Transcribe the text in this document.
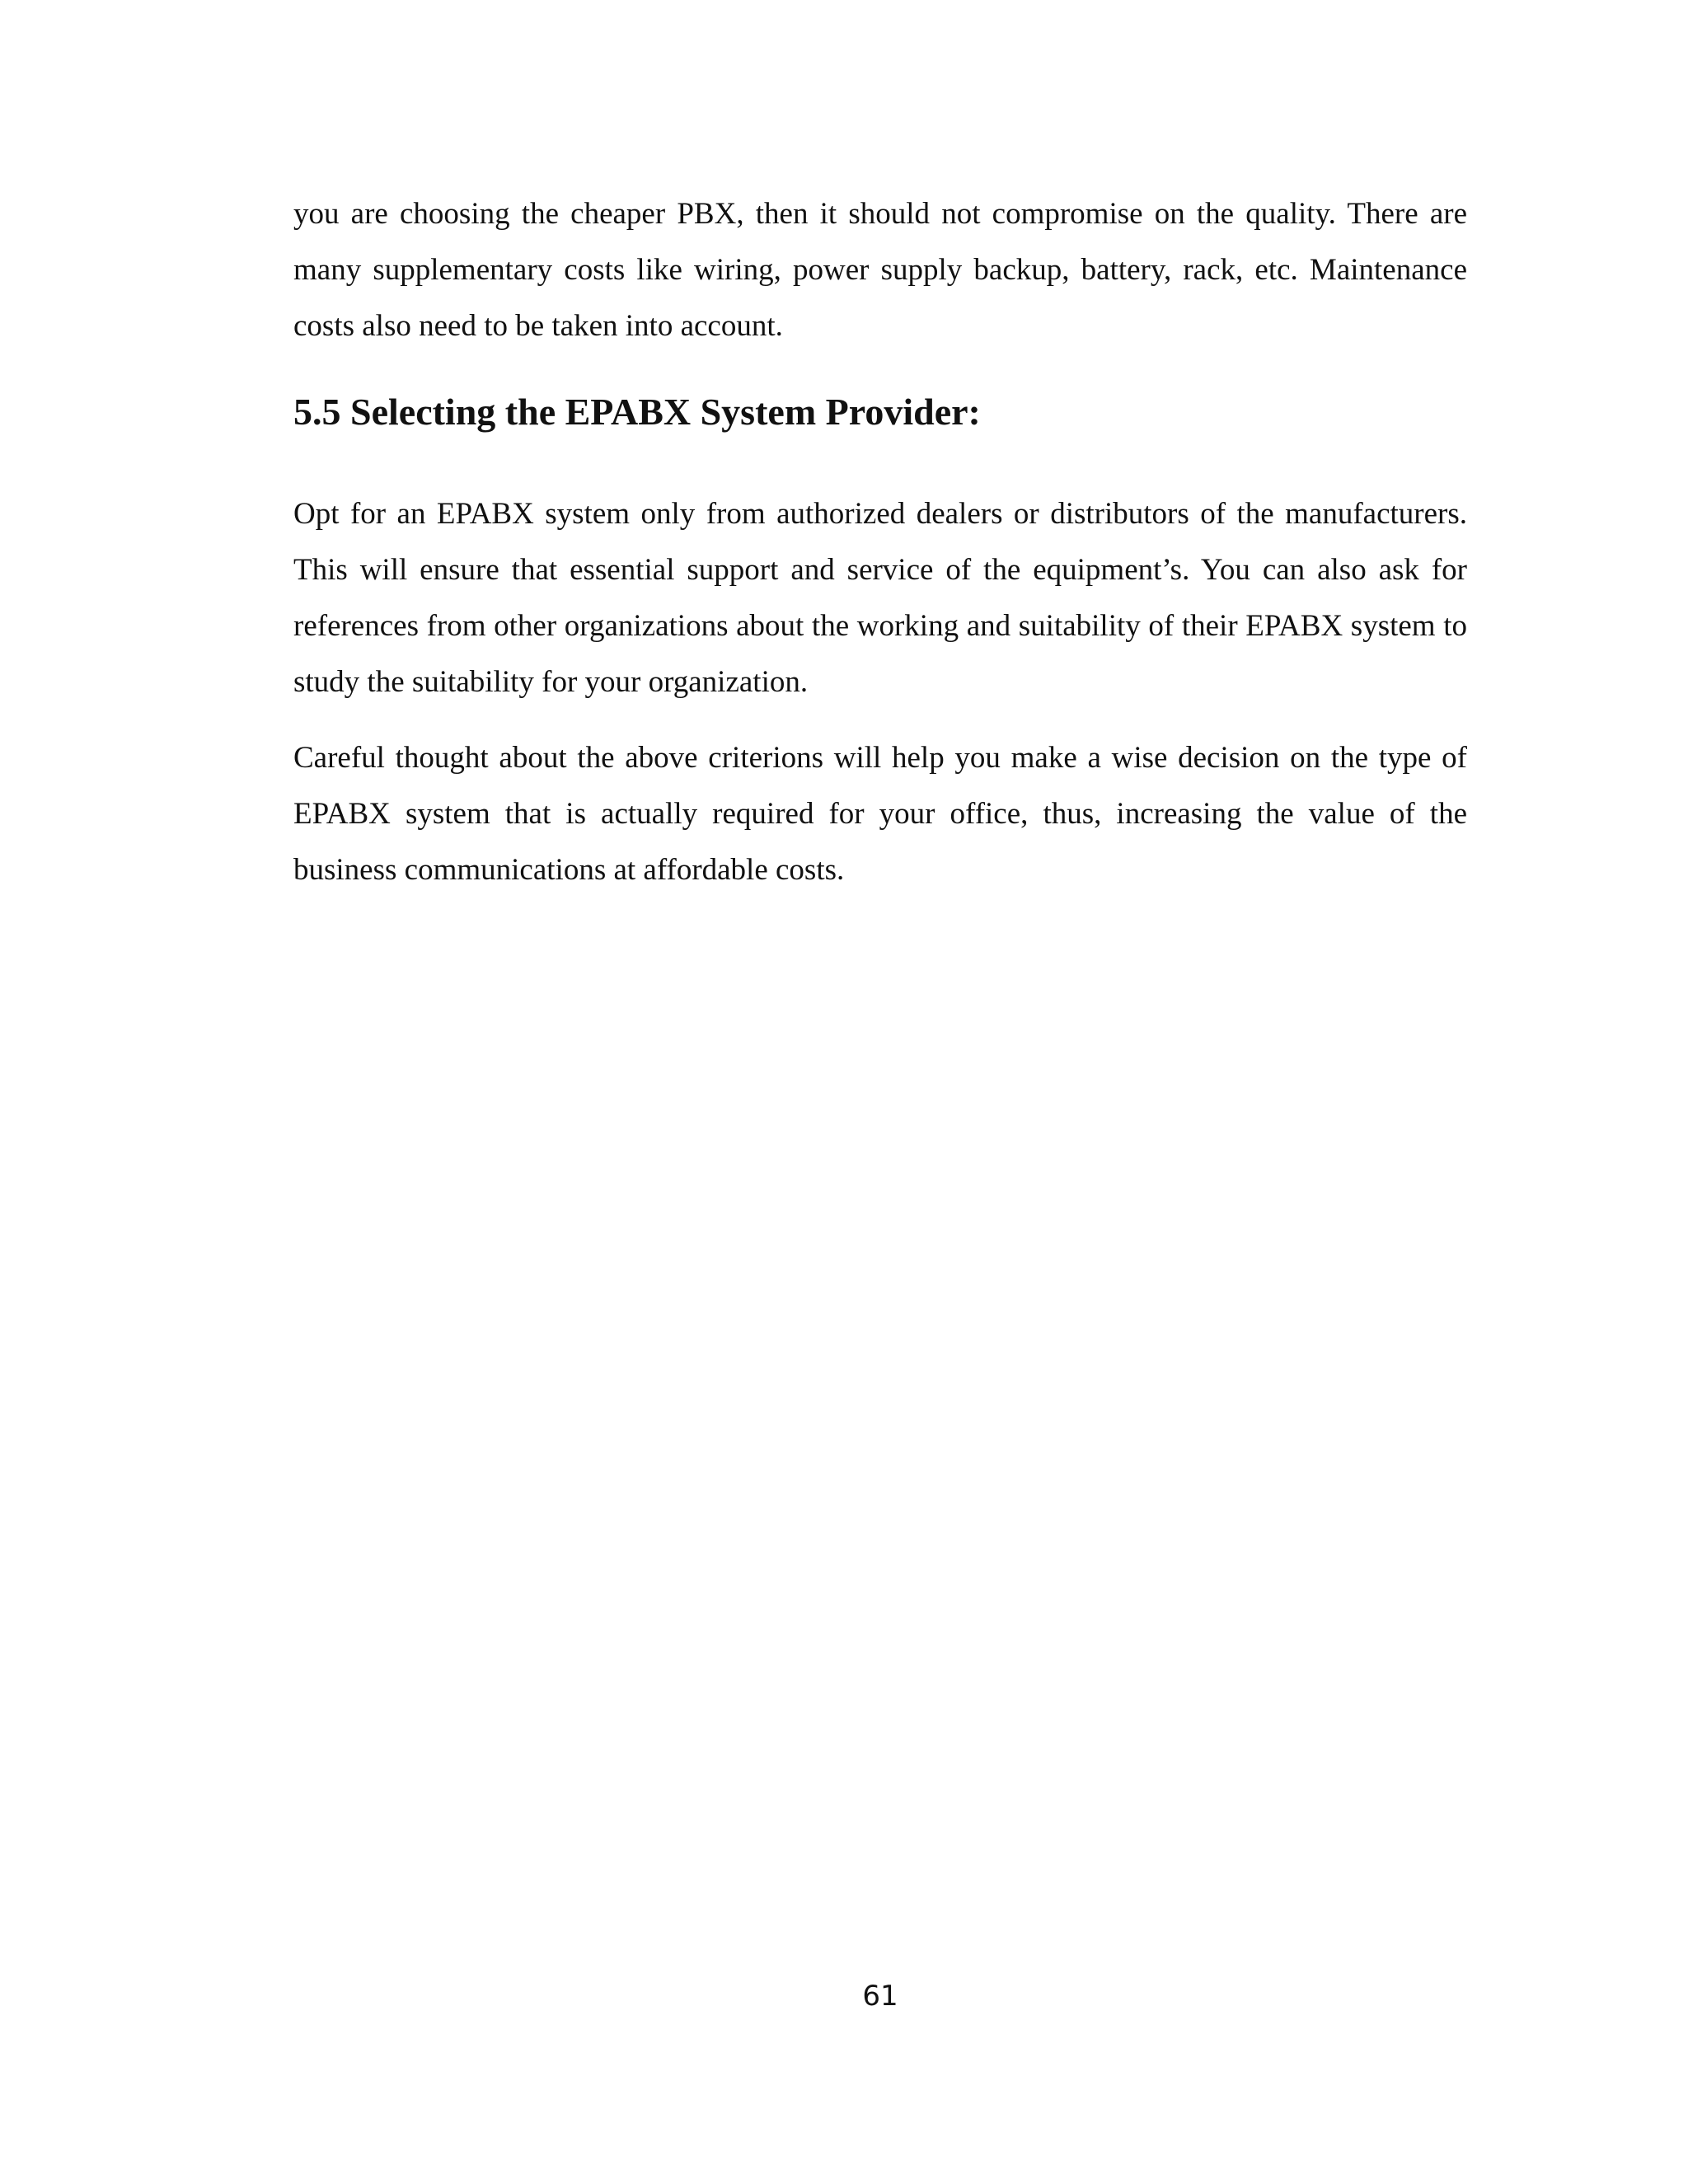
you are choosing the cheaper PBX, then it should not compromise on the quality. There are many supplementary costs like wiring, power supply backup, battery, rack, etc. Maintenance costs also need to be taken into account.

5.5 Selecting the EPABX System Provider:

Opt for an EPABX system only from authorized dealers or distributors of the manufacturers. This will ensure that essential support and service of the equipment’s. You can also ask for references from other organizations about the working and suitability of their EPABX system to study the suitability for your organization.

Careful thought about the above criterions will help you make a wise decision on the type of EPABX system that is actually required for your office, thus, increasing the value of the business communications at affordable costs.

61
